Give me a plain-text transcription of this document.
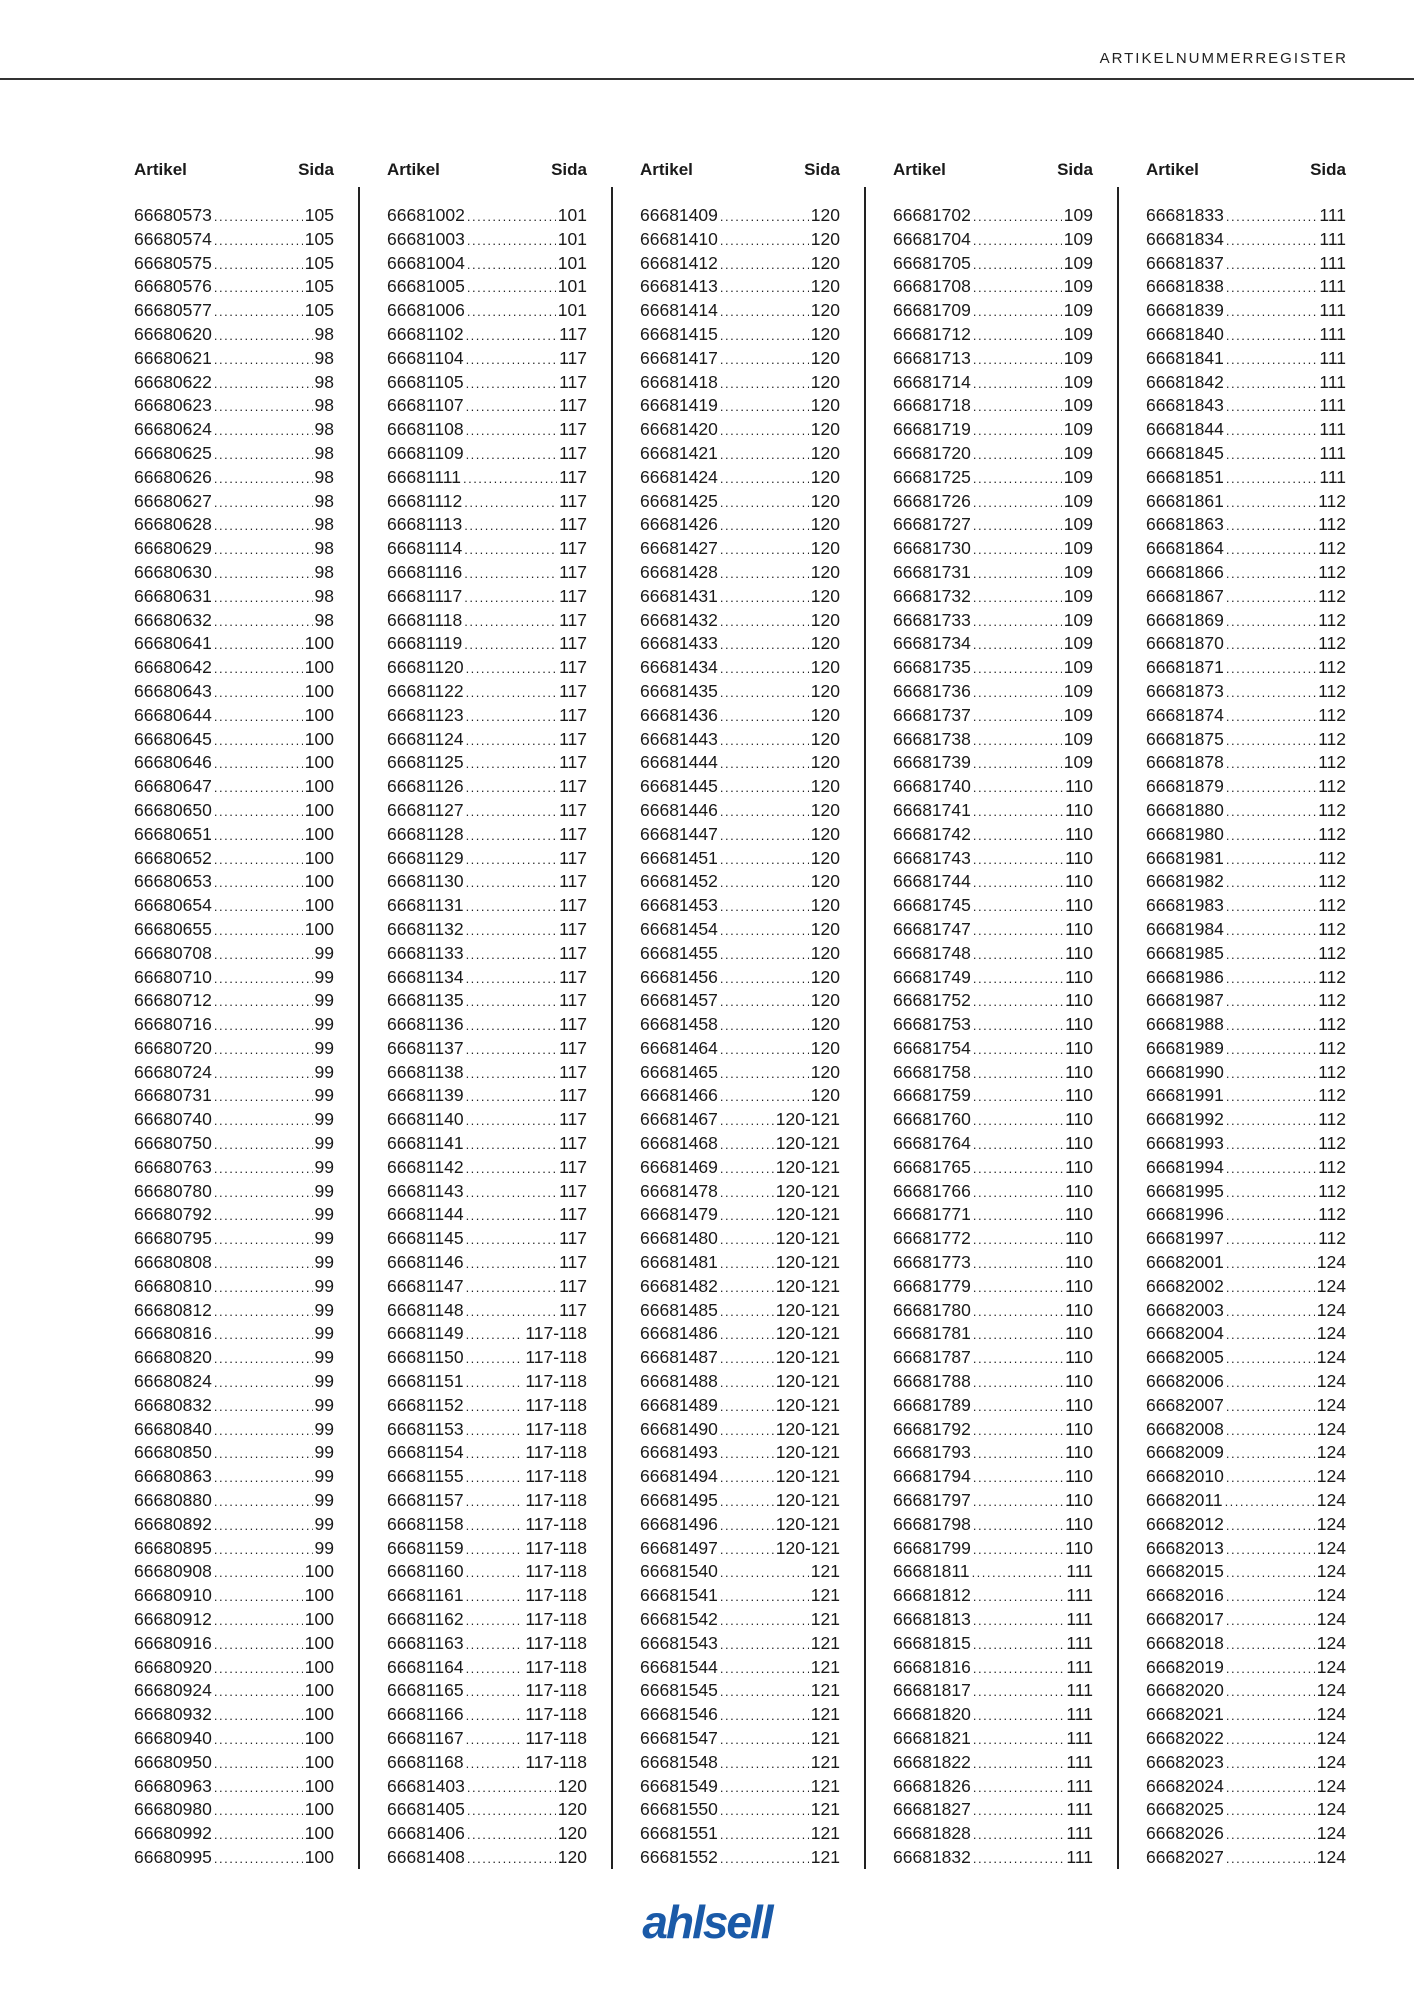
ARTIKELNUMMERREGISTER
Artikel	Sida
66680573 .....	105
66680574 .....	105
66680575 .....	105
66680576 .....	105
66680577 .....	105
66680620 .....	98
66680621 .....	98
66680622 .....	98
66680623 .....	98
66680624 .....	98
66680625 .....	98
66680626 .....	98
66680627 .....	98
66680628 .....	98
66680629 .....	98
66680630 .....	98
66680631 .....	98
66680632 .....	98
66680641 .....	100
66680642 .....	100
66680643 .....	100
66680644 .....	100
66680645 .....	100
66680646 .....	100
66680647 .....	100
66680650 .....	100
66680651 .....	100
66680652 .....	100
66680653 .....	100
66680654 .....	100
66680655 .....	100
66680708 .....	99
66680710 .....	99
66680712 .....	99
66680716 .....	99
66680720 .....	99
66680724 .....	99
66680731 .....	99
66680740 .....	99
66680750 .....	99
66680763 .....	99
66680780 .....	99
66680792 .....	99
66680795 .....	99
66680808 .....	99
66680810 .....	99
66680812 .....	99
66680816 .....	99
66680820 .....	99
66680824 .....	99
66680832 .....	99
66680840 .....	99
66680850 .....	99
66680863 .....	99
66680880 .....	99
66680892 .....	99
66680895 .....	99
66680908 .....	100
66680910 .....	100
66680912 .....	100
66680916 .....	100
66680920 .....	100
66680924 .....	100
66680932 .....	100
66680940 .....	100
66680950 .....	100
66680963 .....	100
66680980 .....	100
66680992 .....	100
66680995 .....	100
Artikel	Sida
66681002 .....	101
66681003 .....	101
66681004 .....	101
66681005 .....	101
66681006 .....	101
66681102 .....	117
66681104 .....	117
66681105 .....	117
66681107 .....	117
66681108 .....	117
66681109 .....	117
66681111 .....	117
66681112 .....	117
66681113 .....	117
66681114 .....	117
66681116 .....	117
66681117 .....	117
66681118 .....	117
66681119 .....	117
66681120 .....	117
66681122 .....	117
66681123 .....	117
66681124 .....	117
66681125 .....	117
66681126 .....	117
66681127 .....	117
66681128 .....	117
66681129 .....	117
66681130 .....	117
66681131 .....	117
66681132 .....	117
66681133 .....	117
66681134 .....	117
66681135 .....	117
66681136 .....	117
66681137 .....	117
66681138 .....	117
66681139 .....	117
66681140 .....	117
66681141 .....	117
66681142 .....	117
66681143 .....	117
66681144 .....	117
66681145 .....	117
66681146 .....	117
66681147 .....	117
66681148 .....	117
66681149 .....	117-118
66681150 .....	117-118
66681151 .....	117-118
66681152 .....	117-118
66681153 .....	117-118
66681154 .....	117-118
66681155 .....	117-118
66681157 .....	117-118
66681158 .....	117-118
66681159 .....	117-118
66681160 .....	117-118
66681161 .....	117-118
66681162 .....	117-118
66681163 .....	117-118
66681164 .....	117-118
66681165 .....	117-118
66681166 .....	117-118
66681167 .....	117-118
66681168 .....	117-118
66681403 .....	120
66681405 .....	120
66681406 .....	120
66681408 .....	120
Artikel	Sida
66681409 .....	120
66681410 .....	120
66681412 .....	120
66681413 .....	120
66681414 .....	120
66681415 .....	120
66681417 .....	120
66681418 .....	120
66681419 .....	120
66681420 .....	120
66681421 .....	120
66681424 .....	120
66681425 .....	120
66681426 .....	120
66681427 .....	120
66681428 .....	120
66681431 .....	120
66681432 .....	120
66681433 .....	120
66681434 .....	120
66681435 .....	120
66681436 .....	120
66681443 .....	120
66681444 .....	120
66681445 .....	120
66681446 .....	120
66681447 .....	120
66681451 .....	120
66681452 .....	120
66681453 .....	120
66681454 .....	120
66681455 .....	120
66681456 .....	120
66681457 .....	120
66681458 .....	120
66681464 .....	120
66681465 .....	120
66681466 .....	120
66681467 .....	120-121
66681468 .....	120-121
66681469 .....	120-121
66681478 .....	120-121
66681479 .....	120-121
66681480 .....	120-121
66681481 .....	120-121
66681482 .....	120-121
66681485 .....	120-121
66681486 .....	120-121
66681487 .....	120-121
66681488 .....	120-121
66681489 .....	120-121
66681490 .....	120-121
66681493 .....	120-121
66681494 .....	120-121
66681495 .....	120-121
66681496 .....	120-121
66681497 .....	120-121
66681540 .....	121
66681541 .....	121
66681542 .....	121
66681543 .....	121
66681544 .....	121
66681545 .....	121
66681546 .....	121
66681547 .....	121
66681548 .....	121
66681549 .....	121
66681550 .....	121
66681551 .....	121
66681552 .....	121
Artikel	Sida
66681702 .....	109
66681704 .....	109
66681705 .....	109
66681708 .....	109
66681709 .....	109
66681712 .....	109
66681713 .....	109
66681714 .....	109
66681718 .....	109
66681719 .....	109
66681720 .....	109
66681725 .....	109
66681726 .....	109
66681727 .....	109
66681730 .....	109
66681731 .....	109
66681732 .....	109
66681733 .....	109
66681734 .....	109
66681735 .....	109
66681736 .....	109
66681737 .....	109
66681738 .....	109
66681739 .....	109
66681740 .....	110
66681741 .....	110
66681742 .....	110
66681743 .....	110
66681744 .....	110
66681745 .....	110
66681747 .....	110
66681748 .....	110
66681749 .....	110
66681752 .....	110
66681753 .....	110
66681754 .....	110
66681758 .....	110
66681759 .....	110
66681760 .....	110
66681764 .....	110
66681765 .....	110
66681766 .....	110
66681771 .....	110
66681772 .....	110
66681773 .....	110
66681779 .....	110
66681780 .....	110
66681781 .....	110
66681787 .....	110
66681788 .....	110
66681789 .....	110
66681792 .....	110
66681793 .....	110
66681794 .....	110
66681797 .....	110
66681798 .....	110
66681799 .....	110
66681811 .....	111
66681812 .....	111
66681813 .....	111
66681815 .....	111
66681816 .....	111
66681817 .....	111
66681820 .....	111
66681821 .....	111
66681822 .....	111
66681826 .....	111
66681827 .....	111
66681828 .....	111
66681832 .....	111
Artikel	Sida
66681833 .....	111
66681834 .....	111
66681837 .....	111
66681838 .....	111
66681839 .....	111
66681840 .....	111
66681841 .....	111
66681842 .....	111
66681843 .....	111
66681844 .....	111
66681845 .....	111
66681851 .....	111
66681861 .....	112
66681863 .....	112
66681864 .....	112
66681866 .....	112
66681867 .....	112
66681869 .....	112
66681870 .....	112
66681871 .....	112
66681873 .....	112
66681874 .....	112
66681875 .....	112
66681878 .....	112
66681879 .....	112
66681880 .....	112
66681980 .....	112
66681981 .....	112
66681982 .....	112
66681983 .....	112
66681984 .....	112
66681985 .....	112
66681986 .....	112
66681987 .....	112
66681988 .....	112
66681989 .....	112
66681990 .....	112
66681991 .....	112
66681992 .....	112
66681993 .....	112
66681994 .....	112
66681995 .....	112
66681996 .....	112
66681997 .....	112
66682001 .....	124
66682002 .....	124
66682003 .....	124
66682004 .....	124
66682005 .....	124
66682006 .....	124
66682007 .....	124
66682008 .....	124
66682009 .....	124
66682010 .....	124
66682011 .....	124
66682012 .....	124
66682013 .....	124
66682015 .....	124
66682016 .....	124
66682017 .....	124
66682018 .....	124
66682019 .....	124
66682020 .....	124
66682021 .....	124
66682022 .....	124
66682023 .....	124
66682024 .....	124
66682025 .....	124
66682026 .....	124
66682027 .....	124
ahlsell
